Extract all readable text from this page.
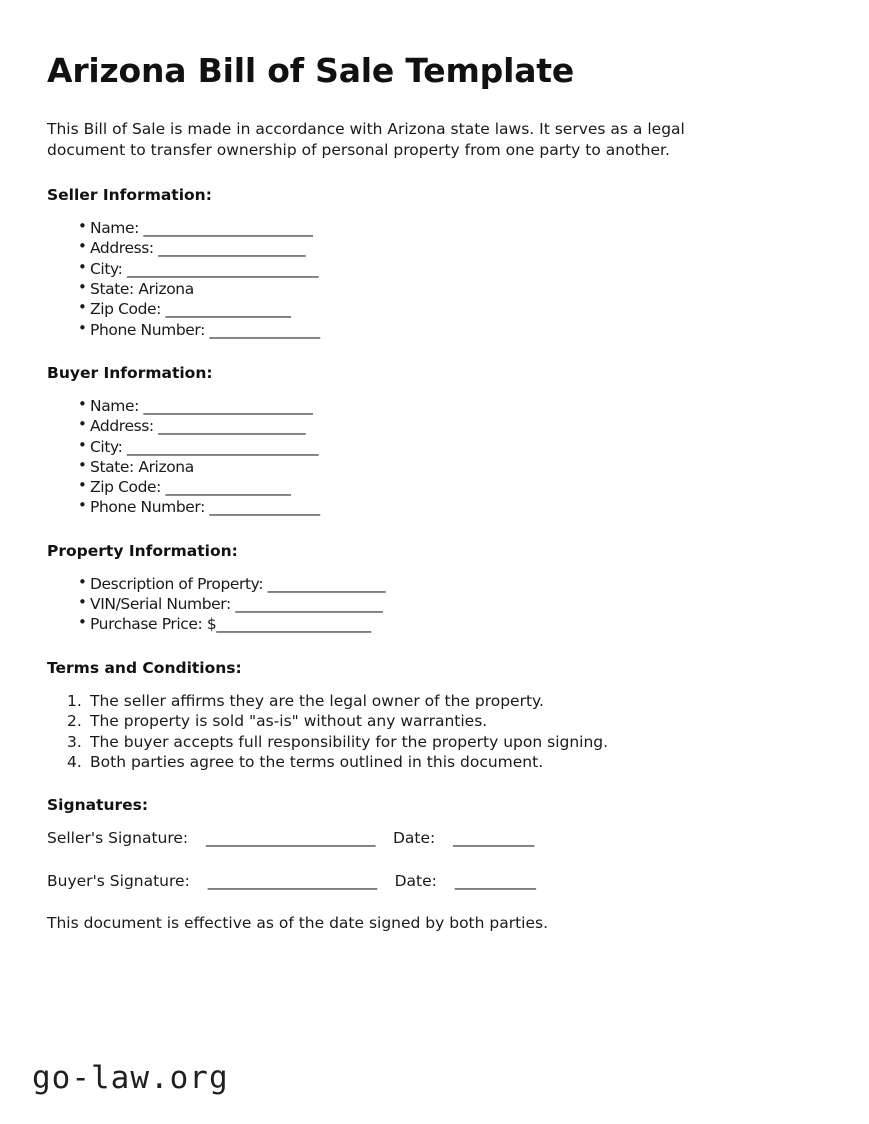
Arizona Bill of Sale Template

This Bill of Sale is made in accordance with Arizona state laws. It serves as a legal document to transfer ownership of personal property from one party to another.

Seller Information:
• Name: _______________________
• Address: ____________________
• City: __________________________
• State: Arizona
• Zip Code: _________________
• Phone Number: _______________
Buyer Information:
• Name: _______________________
• Address: ____________________
• City: __________________________
• State: Arizona
• Zip Code: _________________
• Phone Number: _______________
Property Information:
• Description of Property: ________________
• VIN/Serial Number: ____________________
• Purchase Price: $_____________________
Terms and Conditions:
The seller affirms they are the legal owner of the property.
The property is sold "as-is" without any warranties.
The buyer accepts full responsibility for the property upon signing.
Both parties agree to the terms outlined in this document.
Signatures:
Seller's Signature: _______________________ Date: ___________
Buyer's Signature: _______________________ Date: ___________

This document is effective as of the date signed by both parties.

go-law.org
